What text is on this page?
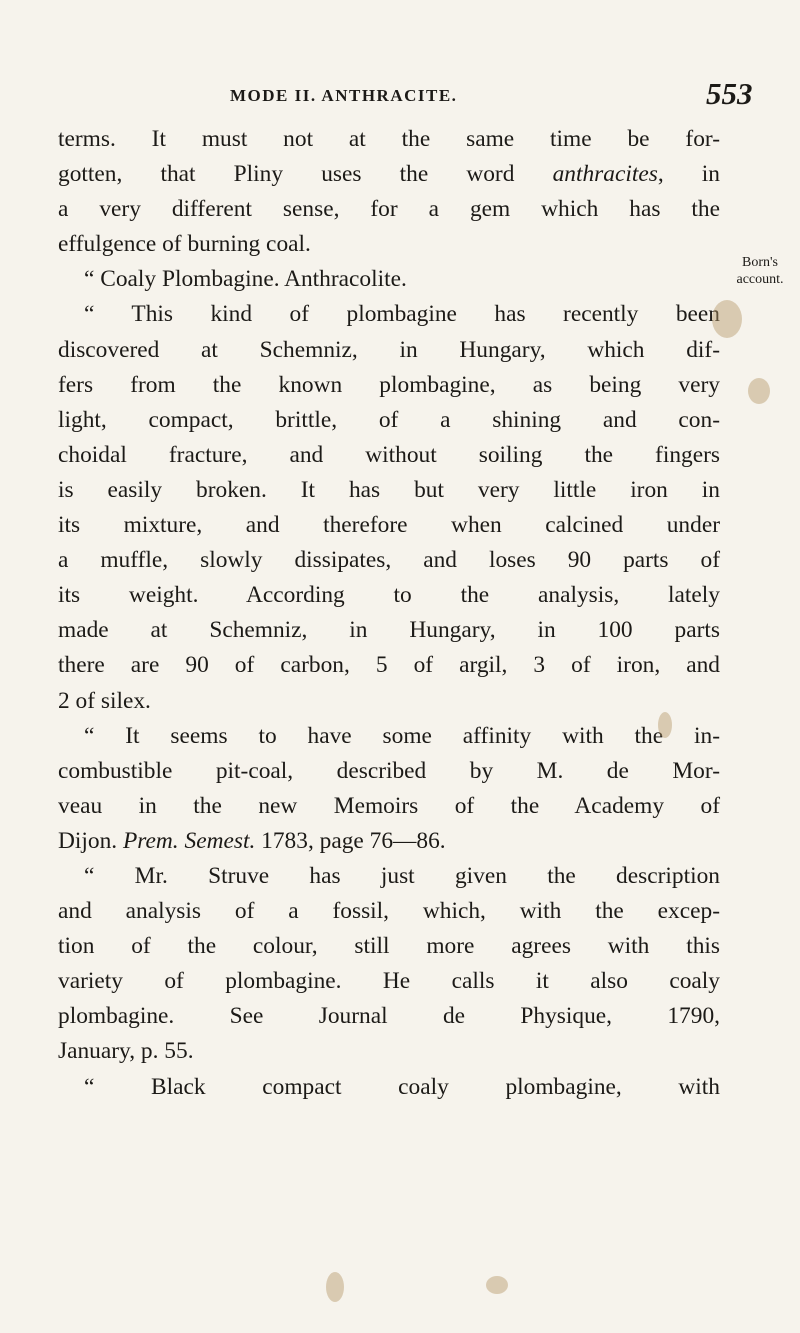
MODE II. ANTHRACITE.	553
Born's
account.
terms. It must not at the same time be for-
gotten, that Pliny uses the word anthracites, in
a very different sense, for a gem which has the
effulgence of burning coal.
“ Coaly Plombagine. Anthracolite.
“ This kind of plombagine has recently been
discovered at Schemniz, in Hungary, which dif-
fers from the known plombagine, as being very
light, compact, brittle, of a shining and con-
choidal fracture, and without soiling the fingers
is easily broken. It has but very little iron in
its mixture, and therefore when calcined under
a muffle, slowly dissipates, and loses 90 parts of
its weight. According to the analysis, lately
made at Schemniz, in Hungary, in 100 parts
there are 90 of carbon, 5 of argil, 3 of iron, and
2 of silex.
“ It seems to have some affinity with the in-
combustible pit-coal, described by M. de Mor-
veau in the new Memoirs of the Academy of
Dijon. Prem. Semest. 1783, page 76—86.
“ Mr. Struve has just given the description
and analysis of a fossil, which, with the excep-
tion of the colour, still more agrees with this
variety of plombagine. He calls it also coaly
plombagine. See Journal de Physique, 1790,
January, p. 55.
“ Black compact coaly plombagine, with
